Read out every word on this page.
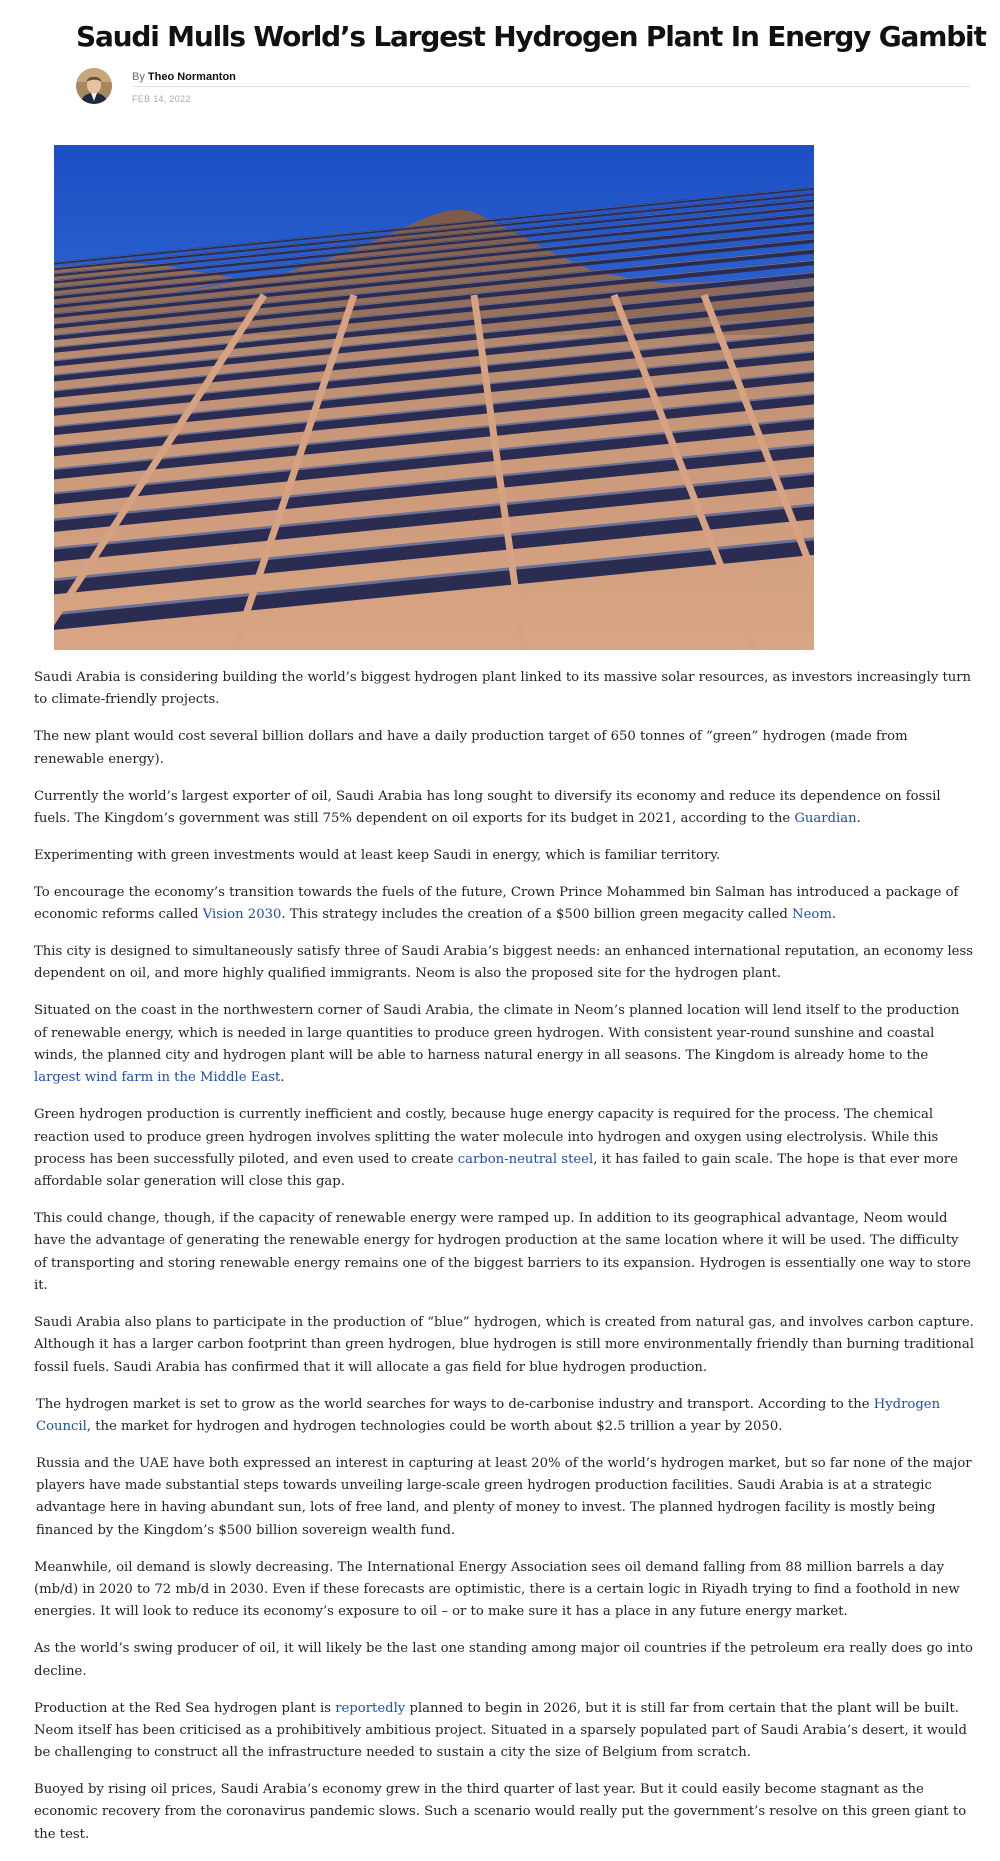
Saudi Mulls World’s Largest Hydrogen Plant In Energy Gambit
By Theo Normanton
FEB 14, 2022

Saudi Arabia is considering building the world’s biggest hydrogen plant linked to its massive solar resources, as investors increasingly turn to climate-friendly projects.

The new plant would cost several billion dollars and have a daily production target of 650 tonnes of “green” hydrogen (made from renewable energy).

Currently the world’s largest exporter of oil, Saudi Arabia has long sought to diversify its economy and reduce its dependence on fossil fuels. The Kingdom’s government was still 75% dependent on oil exports for its budget in 2021, according to the Guardian.

Experimenting with green investments would at least keep Saudi in energy, which is familiar territory.

To encourage the economy’s transition towards the fuels of the future, Crown Prince Mohammed bin Salman has introduced a package of economic reforms called Vision 2030. This strategy includes the creation of a $500 billion green megacity called Neom.

This city is designed to simultaneously satisfy three of Saudi Arabia’s biggest needs: an enhanced international reputation, an economy less dependent on oil, and more highly qualified immigrants. Neom is also the proposed site for the hydrogen plant.

Situated on the coast in the northwestern corner of Saudi Arabia, the climate in Neom’s planned location will lend itself to the production of renewable energy, which is needed in large quantities to produce green hydrogen. With consistent year-round sunshine and coastal winds, the planned city and hydrogen plant will be able to harness natural energy in all seasons. The Kingdom is already home to the largest wind farm in the Middle East.

Green hydrogen production is currently inefficient and costly, because huge energy capacity is required for the process. The chemical reaction used to produce green hydrogen involves splitting the water molecule into hydrogen and oxygen using electrolysis. While this process has been successfully piloted, and even used to create carbon-neutral steel, it has failed to gain scale. The hope is that ever more affordable solar generation will close this gap.

This could change, though, if the capacity of renewable energy were ramped up. In addition to its geographical advantage, Neom would have the advantage of generating the renewable energy for hydrogen production at the same location where it will be used. The difficulty of transporting and storing renewable energy remains one of the biggest barriers to its expansion. Hydrogen is essentially one way to store it.

Saudi Arabia also plans to participate in the production of “blue” hydrogen, which is created from natural gas, and involves carbon capture. Although it has a larger carbon footprint than green hydrogen, blue hydrogen is still more environmentally friendly than burning traditional fossil fuels. Saudi Arabia has confirmed that it will allocate a gas field for blue hydrogen production.

The hydrogen market is set to grow as the world searches for ways to de-carbonise industry and transport. According to the Hydrogen Council, the market for hydrogen and hydrogen technologies could be worth about $2.5 trillion a year by 2050.

Russia and the UAE have both expressed an interest in capturing at least 20% of the world’s hydrogen market, but so far none of the major players have made substantial steps towards unveiling large-scale green hydrogen production facilities. Saudi Arabia is at a strategic advantage here in having abundant sun, lots of free land, and plenty of money to invest. The planned hydrogen facility is mostly being financed by the Kingdom’s $500 billion sovereign wealth fund.

Meanwhile, oil demand is slowly decreasing. The International Energy Association sees oil demand falling from 88 million barrels a day (mb/d) in 2020 to 72 mb/d in 2030. Even if these forecasts are optimistic, there is a certain logic in Riyadh trying to find a foothold in new energies. It will look to reduce its economy’s exposure to oil – or to make sure it has a place in any future energy market.

As the world’s swing producer of oil, it will likely be the last one standing among major oil countries if the petroleum era really does go into decline.

Production at the Red Sea hydrogen plant is reportedly planned to begin in 2026, but it is still far from certain that the plant will be built. Neom itself has been criticised as a prohibitively ambitious project. Situated in a sparsely populated part of Saudi Arabia’s desert, it would be challenging to construct all the infrastructure needed to sustain a city the size of Belgium from scratch.

Buoyed by rising oil prices, Saudi Arabia’s economy grew in the third quarter of last year. But it could easily become stagnant as the economic recovery from the coronavirus pandemic slows. Such a scenario would really put the government’s resolve on this green giant to the test.
